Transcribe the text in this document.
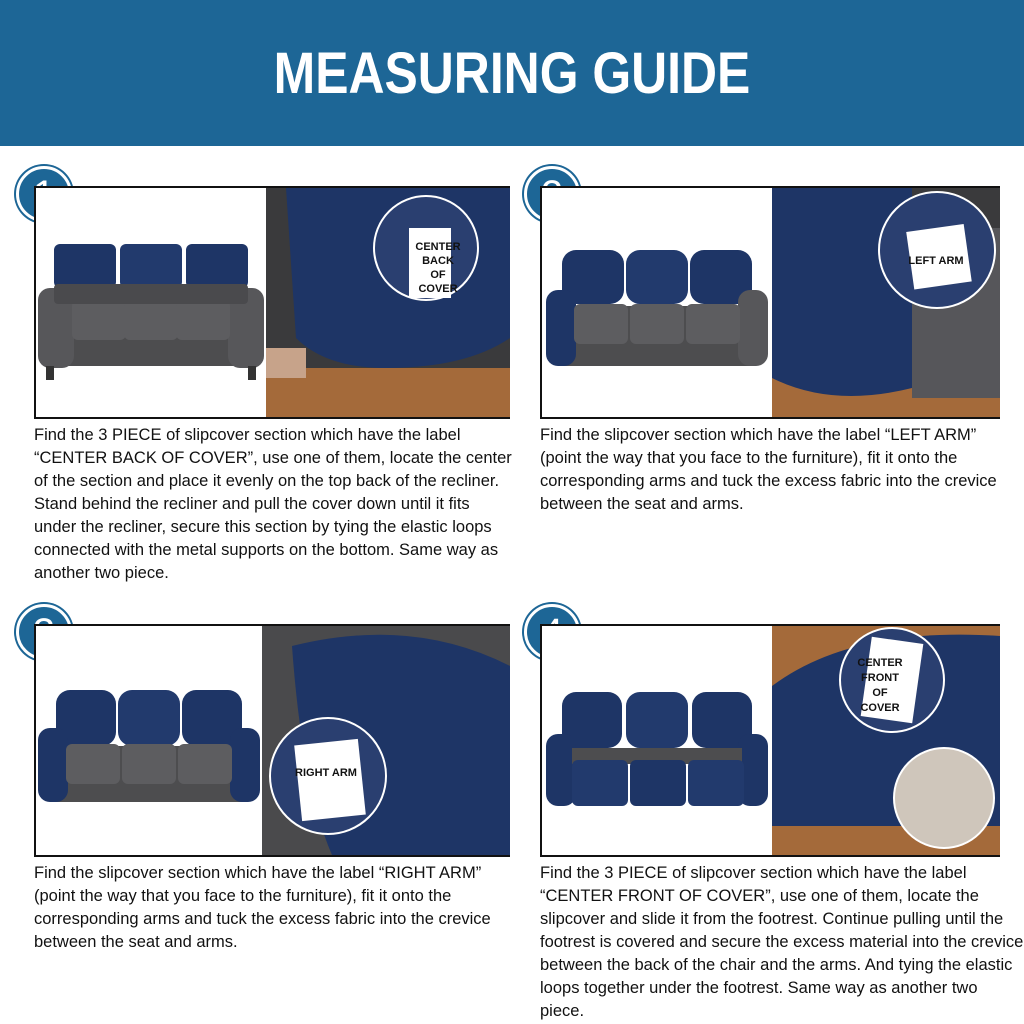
MEASURING GUIDE
Find the 3 PIECE of slipcover section which have the label “CENTER BACK OF COVER”, use one of them, locate the center of the section and place it evenly on the top back of the recliner. Stand behind the recliner and pull the cover down until it fits under the recliner, secure this section by tying the elastic loops connected with the metal supports on the bottom. Same way as another two piece.
Find the slipcover section which have the label “LEFT ARM” (point the way that you face to the furniture), fit it onto the corresponding arms and tuck the excess fabric into the crevice between the seat and arms.
Find the slipcover section which have the label “RIGHT ARM” (point the way that you face to the furniture), fit it onto the corresponding arms and tuck the excess fabric into the crevice between the seat and arms.
Find the 3 PIECE of slipcover section which have the label “CENTER FRONT OF COVER”, use one of them, locate the slipcover and slide it from the footrest. Continue pulling until the footrest is covered and secure the excess material into the crevice between the back of the chair and the arms. And tying the elastic loops together under the footrest. Same way as another two piece.
CENTER
BACK
OF
COVER
LEFT ARM
RIGHT ARM
CENTER
FRONT
OF
COVER
